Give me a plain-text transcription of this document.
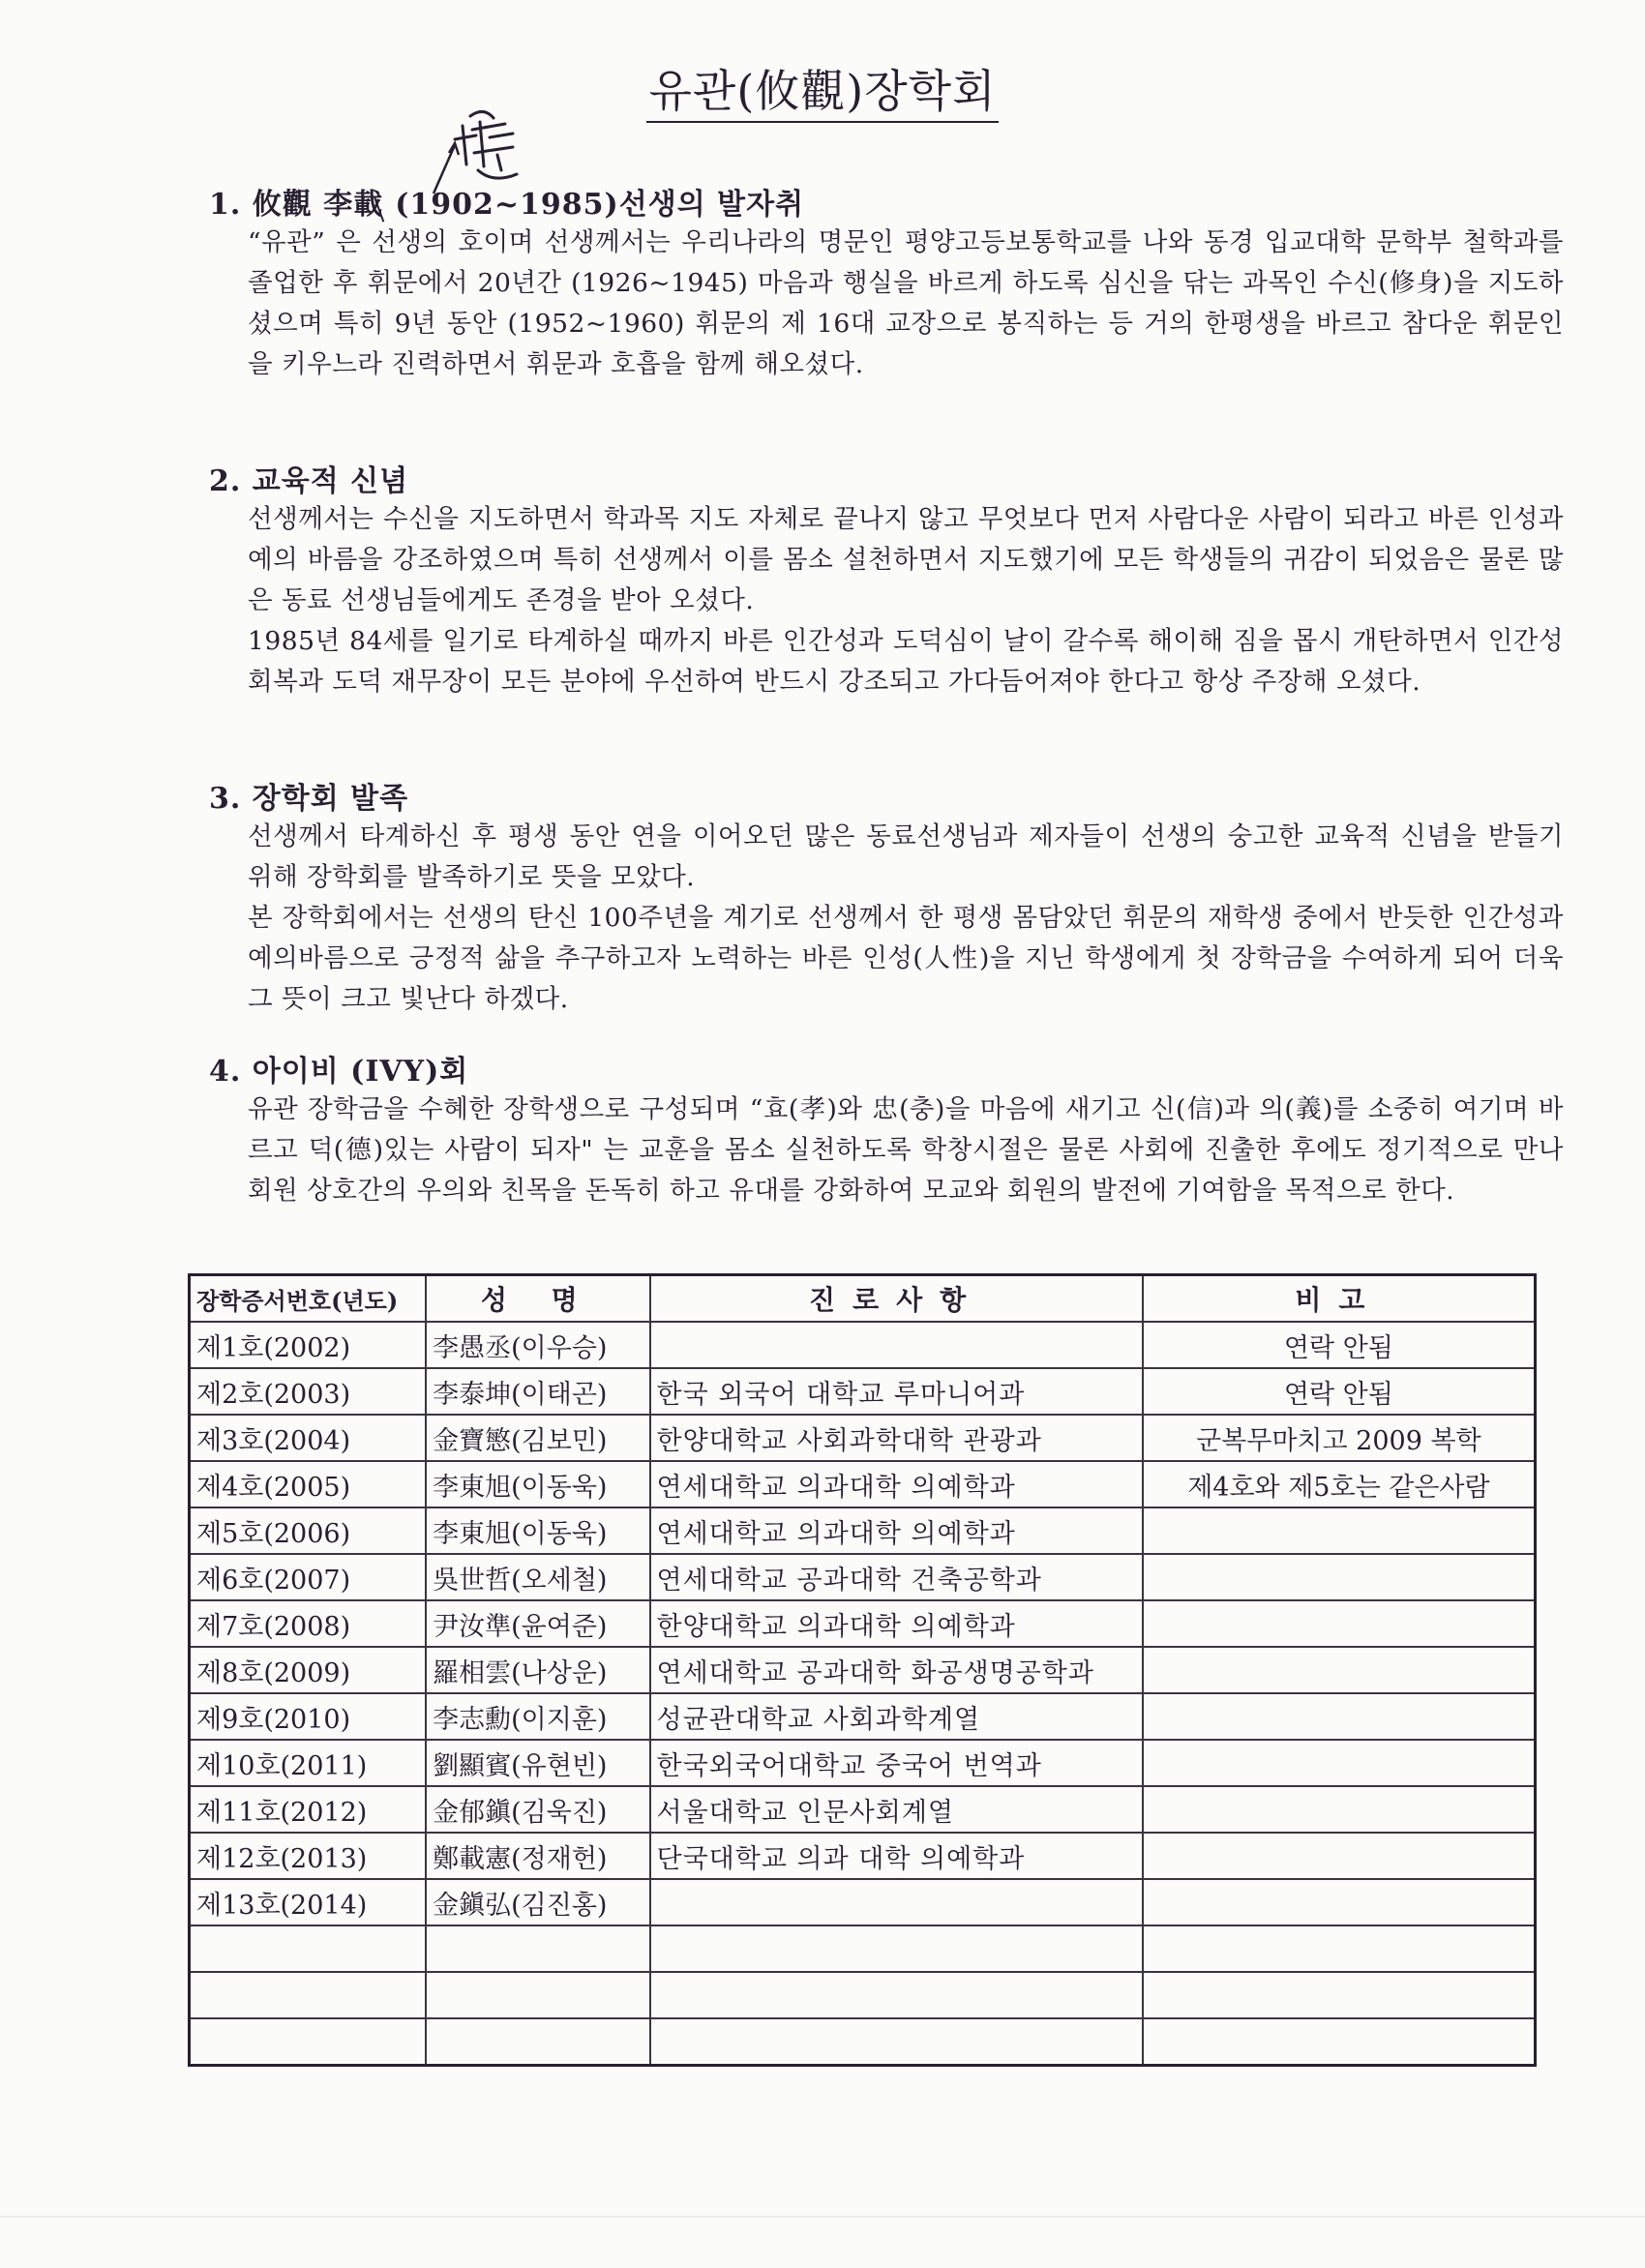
유관(攸觀)장학회
1. 攸觀 李載 (1902~1985)선생의 발자취

“유관” 은 선생의 호이며 선생께서는 우리나라의 명문인 평양고등보통학교를 나와 동경 입교대학 문학부 철학과를 졸업한 후 휘문에서 20년간 (1926~1945) 마음과 행실을 바르게 하도록 심신을 닦는 과목인 수신(修身)을 지도하셨으며 특히 9년 동안 (1952~1960) 휘문의 제 16대 교장으로 봉직하는 등 거의 한평생을 바르고 참다운 휘문인을 키우느라 진력하면서 휘문과 호흡을 함께 해오셨다.

2. 교육적 신념

선생께서는 수신을 지도하면서 학과목 지도 자체로 끝나지 않고 무엇보다 먼저 사람다운 사람이 되라고 바른 인성과 예의 바름을 강조하였으며 특히 선생께서 이를 몸소 설천하면서 지도했기에 모든 학생들의 귀감이 되었음은 물론 많은 동료 선생님들에게도 존경을 받아 오셨다.

1985년 84세를 일기로 타계하실 때까지 바른 인간성과 도덕심이 날이 갈수록 해이해 짐을 몹시 개탄하면서 인간성 회복과 도덕 재무장이 모든 분야에 우선하여 반드시 강조되고 가다듬어져야 한다고 항상 주장해 오셨다.

3. 장학회 발족

선생께서 타계하신 후 평생 동안 연을 이어오던 많은 동료선생님과 제자들이 선생의 숭고한 교육적 신념을 받들기 위해 장학회를 발족하기로 뜻을 모았다.

본 장학회에서는 선생의 탄신 100주년을 계기로 선생께서 한 평생 몸담았던 휘문의 재학생 중에서 반듯한 인간성과 예의바름으로 긍정적 삶을 추구하고자 노력하는 바른 인성(人性)을 지닌 학생에게 첫 장학금을 수여하게 되어 더욱 그 뜻이 크고 빛난다 하겠다.

4. 아이비 (IVY)회

유관 장학금을 수혜한 장학생으로 구성되며 “효(孝)와 忠(충)을 마음에 새기고 신(信)과 의(義)를 소중히 여기며 바르고 덕(德)있는 사람이 되자" 는 교훈을 몸소 실천하도록 학창시절은 물론 사회에 진출한 후에도 정기적으로 만나 회원 상호간의 우의와 친목을 돈독히 하고 유대를 강화하여 모교와 회원의 발전에 기여함을 목적으로 한다.

장학증서번호(년도)	성 명	진로사항	비고
제1호(2002)	李愚丞(이우승)		연락 안됨
제2호(2003)	李泰坤(이태곤)	한국 외국어 대학교 루마니어과	연락 안됨
제3호(2004)	金寶慜(김보민)	한양대학교 사회과학대학 관광과	군복무마치고 2009 복학
제4호(2005)	李東旭(이동욱)	연세대학교 의과대학 의예학과	제4호와 제5호는 같은사람
제5호(2006)	李東旭(이동욱)	연세대학교 의과대학 의예학과	
제6호(2007)	吳世哲(오세철)	연세대학교 공과대학 건축공학과	
제7호(2008)	尹汝準(윤여준)	한양대학교 의과대학 의예학과	
제8호(2009)	羅相雲(나상운)	연세대학교 공과대학 화공생명공학과	
제9호(2010)	李志勳(이지훈)	성균관대학교 사회과학계열	
제10호(2011)	劉顯賓(유현빈)	한국외국어대학교 중국어 번역과	
제11호(2012)	金郁鎭(김욱진)	서울대학교 인문사회계열	
제12호(2013)	鄭載憲(정재헌)	단국대학교 의과 대학 의예학과	
제13호(2014)	金鎭弘(김진홍)		
